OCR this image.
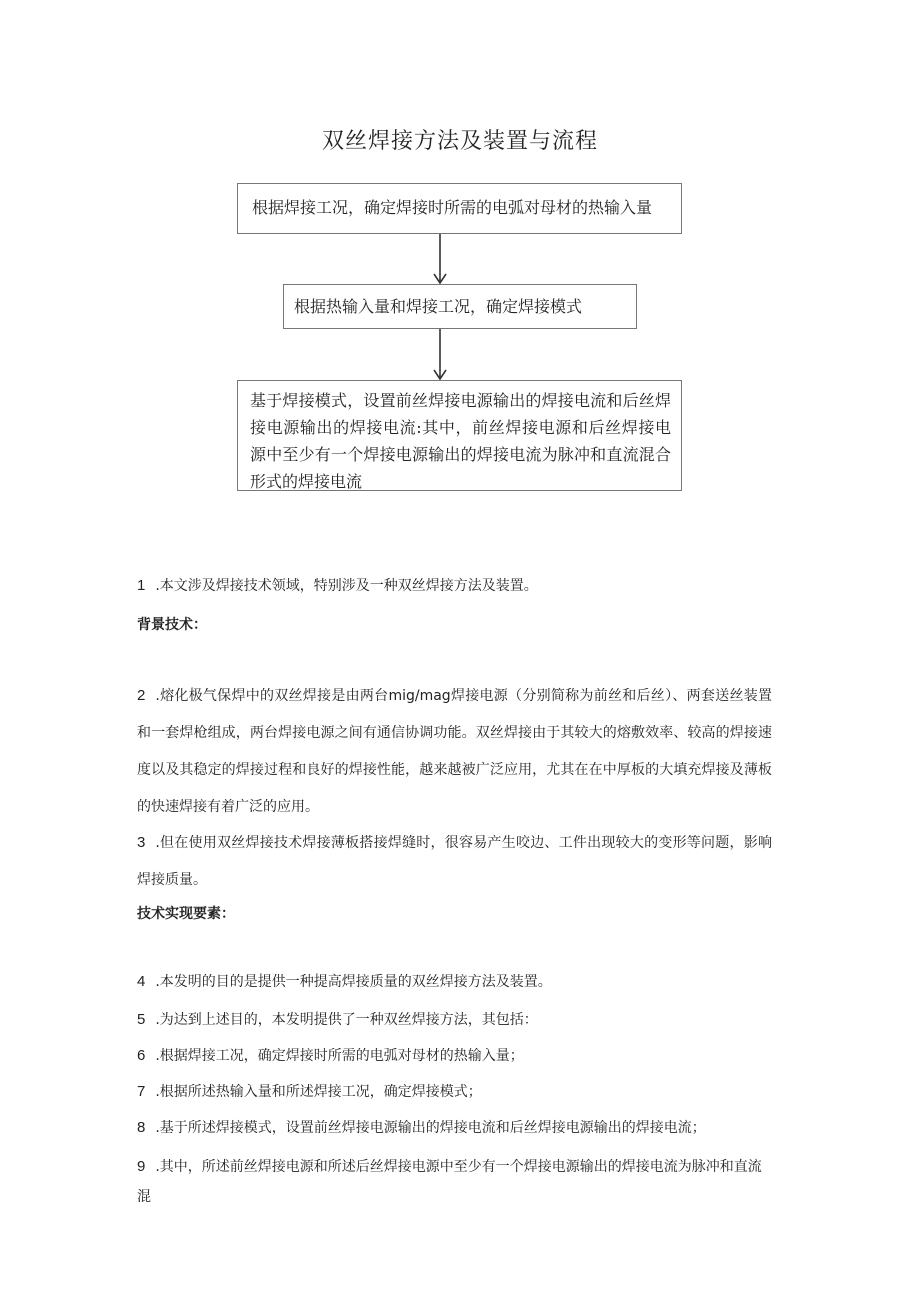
双丝焊接方法及装置与流程
根据焊接工况，确定焊接时所需的电弧对母材的热输入量
根据热输入量和焊接工况，确定焊接模式
基于焊接模式，设置前丝焊接电源输出的焊接电流和后丝焊接电源输出的焊接电流:其中，前丝焊接电源和后丝焊接电源中至少有一个焊接电源输出的焊接电流为脉冲和直流混合形式的焊接电流
1 .本文涉及焊接技术领域，特别涉及一种双丝焊接方法及装置。
背景技术：
2 .熔化极气保焊中的双丝焊接是由两台mig/mag焊接电源（分别简称为前丝和后丝）、两套送丝装置和一套焊枪组成，两台焊接电源之间有通信协调功能。双丝焊接由于其较大的熔敷效率、较高的焊接速度以及其稳定的焊接过程和良好的焊接性能，越来越被广泛应用，尤其在在中厚板的大填充焊接及薄板的快速焊接有着广泛的应用。
3 .但在使用双丝焊接技术焊接薄板搭接焊缝时，很容易产生咬边、工件出现较大的变形等问题，影响焊接质量。
技术实现要素：
4 .本发明的目的是提供一种提高焊接质量的双丝焊接方法及装置。
5 .为达到上述目的，本发明提供了一种双丝焊接方法，其包括：
6 .根据焊接工况，确定焊接时所需的电弧对母材的热输入量；
7 .根据所述热输入量和所述焊接工况，确定焊接模式；
8 .基于所述焊接模式，设置前丝焊接电源输出的焊接电流和后丝焊接电源输出的焊接电流；
9 .其中，所述前丝焊接电源和所述后丝焊接电源中至少有一个焊接电源输出的焊接电流为脉冲和直流混
